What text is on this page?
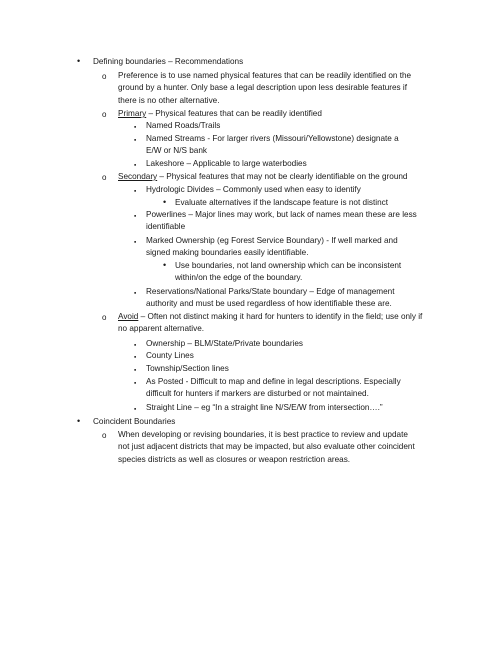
• Defining boundaries – Recommendations
o Preference is to use named physical features that can be readily identified on the ground by a hunter. Only base a legal description upon less desirable features if there is no other alternative.
o Primary – Physical features that can be readily identified
▪ Named Roads/Trails
▪ Named Streams - For larger rivers (Missouri/Yellowstone) designate a E/W or N/S bank
▪ Lakeshore – Applicable to large waterbodies
o Secondary – Physical features that may not be clearly identifiable on the ground
▪ Hydrologic Divides – Commonly used when easy to identify
• Evaluate alternatives if the landscape feature is not distinct
▪ Powerlines – Major lines may work, but lack of names mean these are less identifiable
▪ Marked Ownership (eg Forest Service Boundary) - If well marked and signed making boundaries easily identifiable.
• Use boundaries, not land ownership which can be inconsistent within/on the edge of the boundary.
▪ Reservations/National Parks/State boundary – Edge of management authority and must be used regardless of how identifiable these are.
o Avoid – Often not distinct making it hard for hunters to identify in the field; use only if no apparent alternative.
▪ Ownership – BLM/State/Private boundaries
▪ County Lines
▪ Township/Section lines
▪ As Posted - Difficult to map and define in legal descriptions. Especially difficult for hunters if markers are disturbed or not maintained.
▪ Straight Line – eg “In a straight line N/S/E/W from intersection….”
• Coincident Boundaries
o When developing or revising boundaries, it is best practice to review and update not just adjacent districts that may be impacted, but also evaluate other coincident species districts as well as closures or weapon restriction areas.
